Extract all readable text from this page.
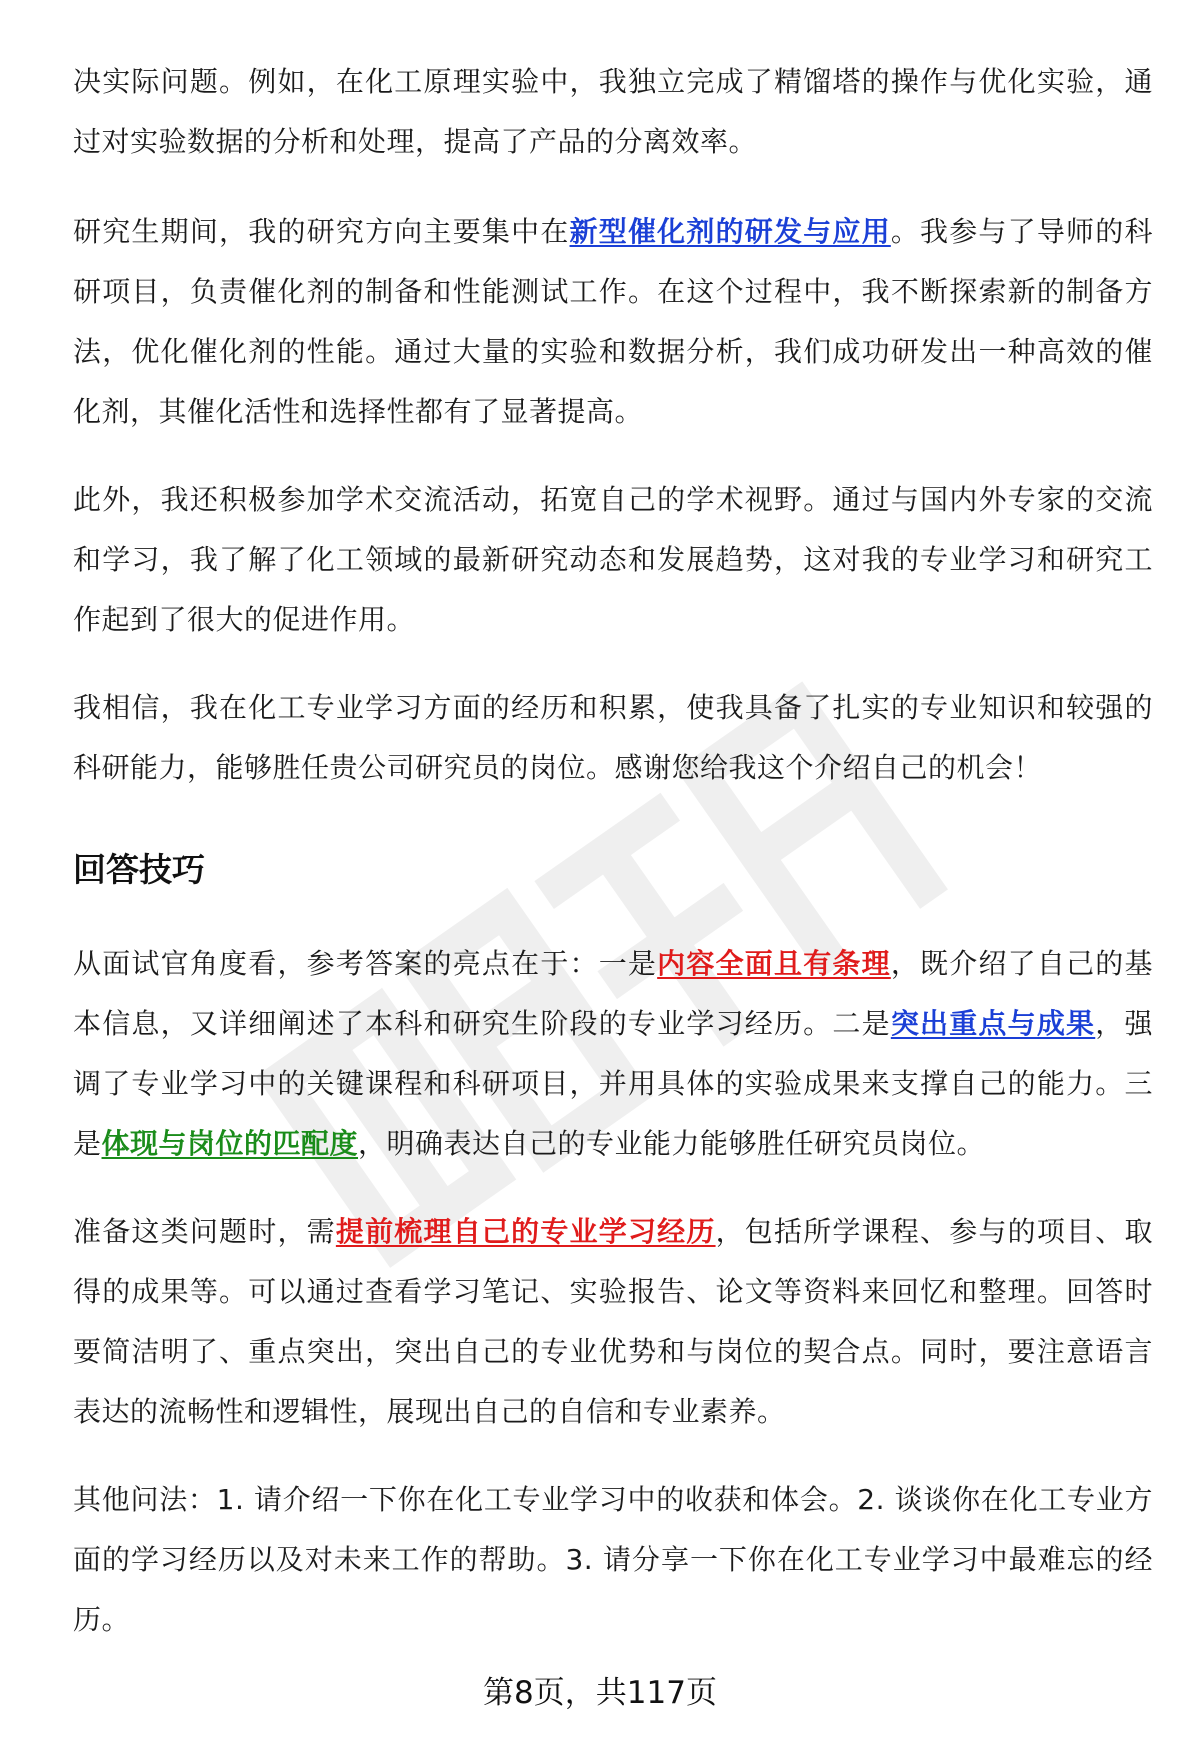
决实际问题。例如，在化工原理实验中，我独立完成了精馏塔的操作与优化实验，通过对实验数据的分析和处理，提高了产品的分离效率。

研究生期间，我的研究方向主要集中在新型催化剂的研发与应用。我参与了导师的科研项目，负责催化剂的制备和性能测试工作。在这个过程中，我不断探索新的制备方法，优化催化剂的性能。通过大量的实验和数据分析，我们成功研发出一种高效的催化剂，其催化活性和选择性都有了显著提高。

此外，我还积极参加学术交流活动，拓宽自己的学术视野。通过与国内外专家的交流和学习，我了解了化工领域的最新研究动态和发展趋势，这对我的专业学习和研究工作起到了很大的促进作用。

我相信，我在化工专业学习方面的经历和积累，使我具备了扎实的专业知识和较强的科研能力，能够胜任贵公司研究员的岗位。感谢您给我这个介绍自己的机会！

回答技巧

从面试官角度看，参考答案的亮点在于：一是内容全面且有条理，既介绍了自己的基本信息，又详细阐述了本科和研究生阶段的专业学习经历。二是突出重点与成果，强调了专业学习中的关键课程和科研项目，并用具体的实验成果来支撑自己的能力。三是体现与岗位的匹配度，明确表达自己的专业能力能够胜任研究员岗位。

准备这类问题时，需提前梳理自己的专业学习经历，包括所学课程、参与的项目、取得的成果等。可以通过查看学习笔记、实验报告、论文等资料来回忆和整理。回答时要简洁明了、重点突出，突出自己的专业优势和与岗位的契合点。同时，要注意语言表达的流畅性和逻辑性，展现出自己的自信和专业素养。

其他问法：1. 请介绍一下你在化工专业学习中的收获和体会。2. 谈谈你在化工专业方面的学习经历以及对未来工作的帮助。3. 请分享一下你在化工专业学习中最难忘的经历。

第8页，共117页
